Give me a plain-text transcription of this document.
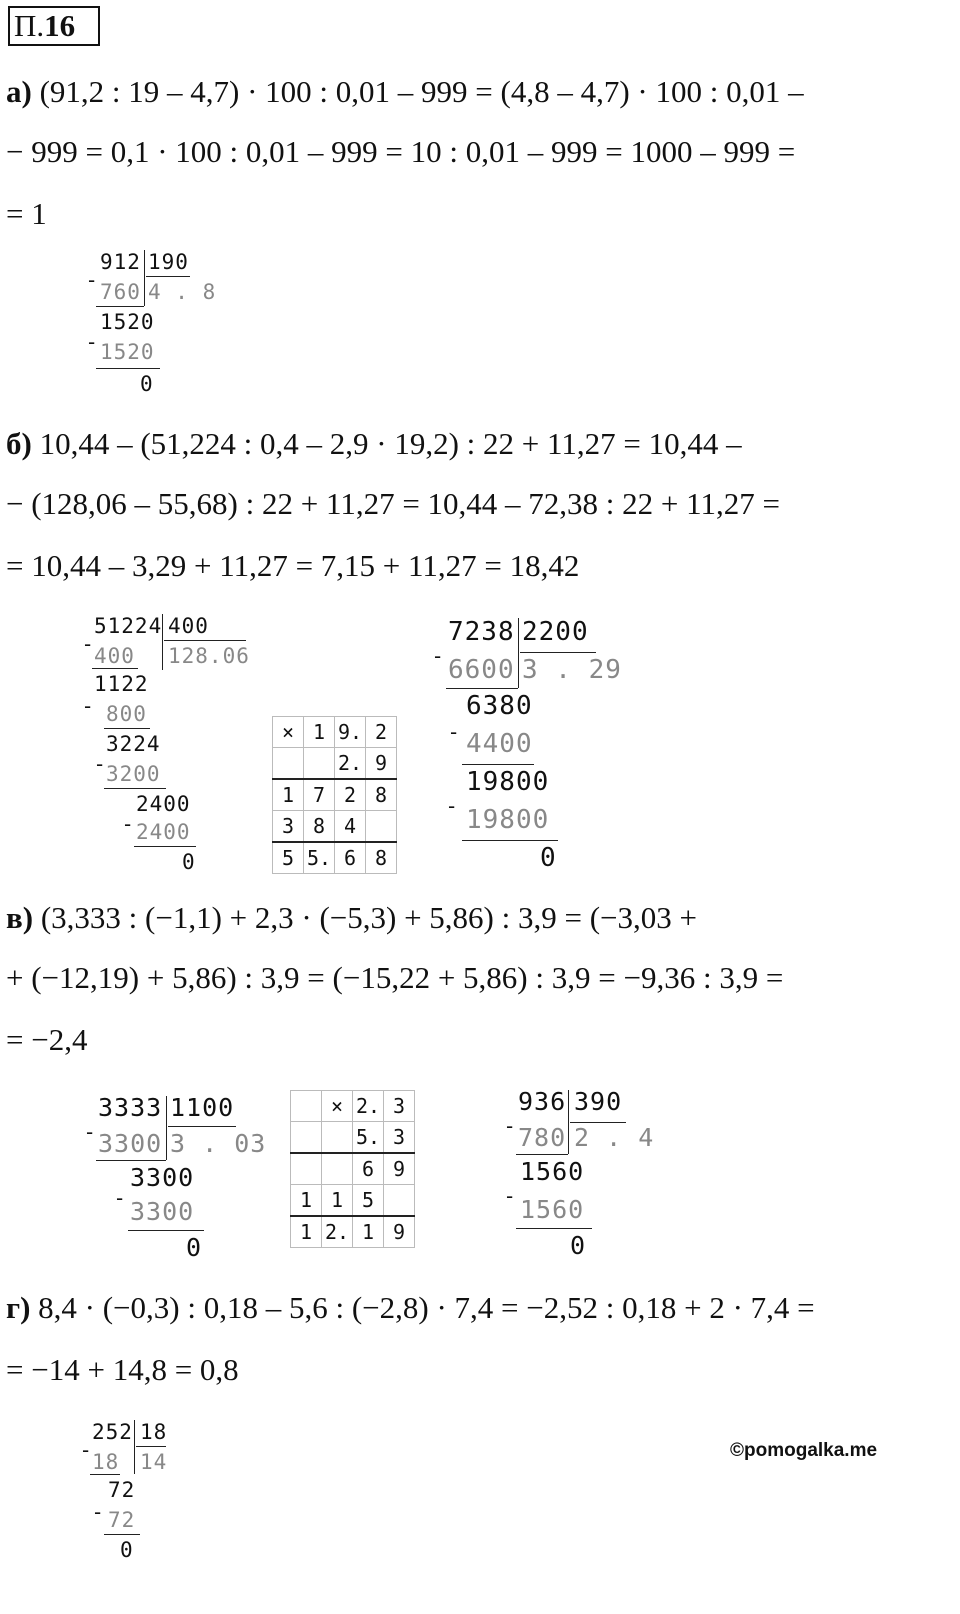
П.16
а) (91,2 : 19 – 4,7) · 100 : 0,01 – 999 = (4,8 – 4,7) · 100 : 0,01 –
− 999 = 0,1 · 100 : 0,01 – 999 = 10 : 0,01 – 999 = 1000 – 999 =
= 1
912 190
- 760 4 . 8
1520
- 1520
0
б) 10,44 – (51,224 : 0,4 – 2,9 · 19,2) : 22 + 11,27 = 10,44 –
− (128,06 – 55,68) : 22 + 11,27 = 10,44 – 72,38 : 22 + 11,27 =
= 10,44 – 3,29 + 11,27 = 7,15 + 11,27 = 18,42
51224 400
- 400 128.06
1122
- 800
3224
- 3200
2400
- 2400
0
×	1	9.	2
		2.	9
1	7	2	8
3	8	4	
5	5.	6	8
7238 2200
- 6600 3 . 29
6380
- 4400
19800
- 19800
0
в) (3,333 : (−1,1) + 2,3 · (−5,3) + 5,86) : 3,9 = (−3,03 +
+ (−12,19) + 5,86) : 3,9 = (−15,22 + 5,86) : 3,9 = −9,36 : 3,9 =
= −2,4
3333 1100
- 3300 3 . 03
3300
- 3300
0
	×	2.	3
		5.	3
		6	9
1	1	5	
1	2.	1	9
936 390
- 780 2 . 4
1560
- 1560
0
г) 8,4 · (−0,3) : 0,18 – 5,6 : (−2,8) · 7,4 = −2,52 : 0,18 + 2 · 7,4 =
= −14 + 14,8 = 0,8
252 18
- 18 14
72
- 72
0
©pomogalka.me
